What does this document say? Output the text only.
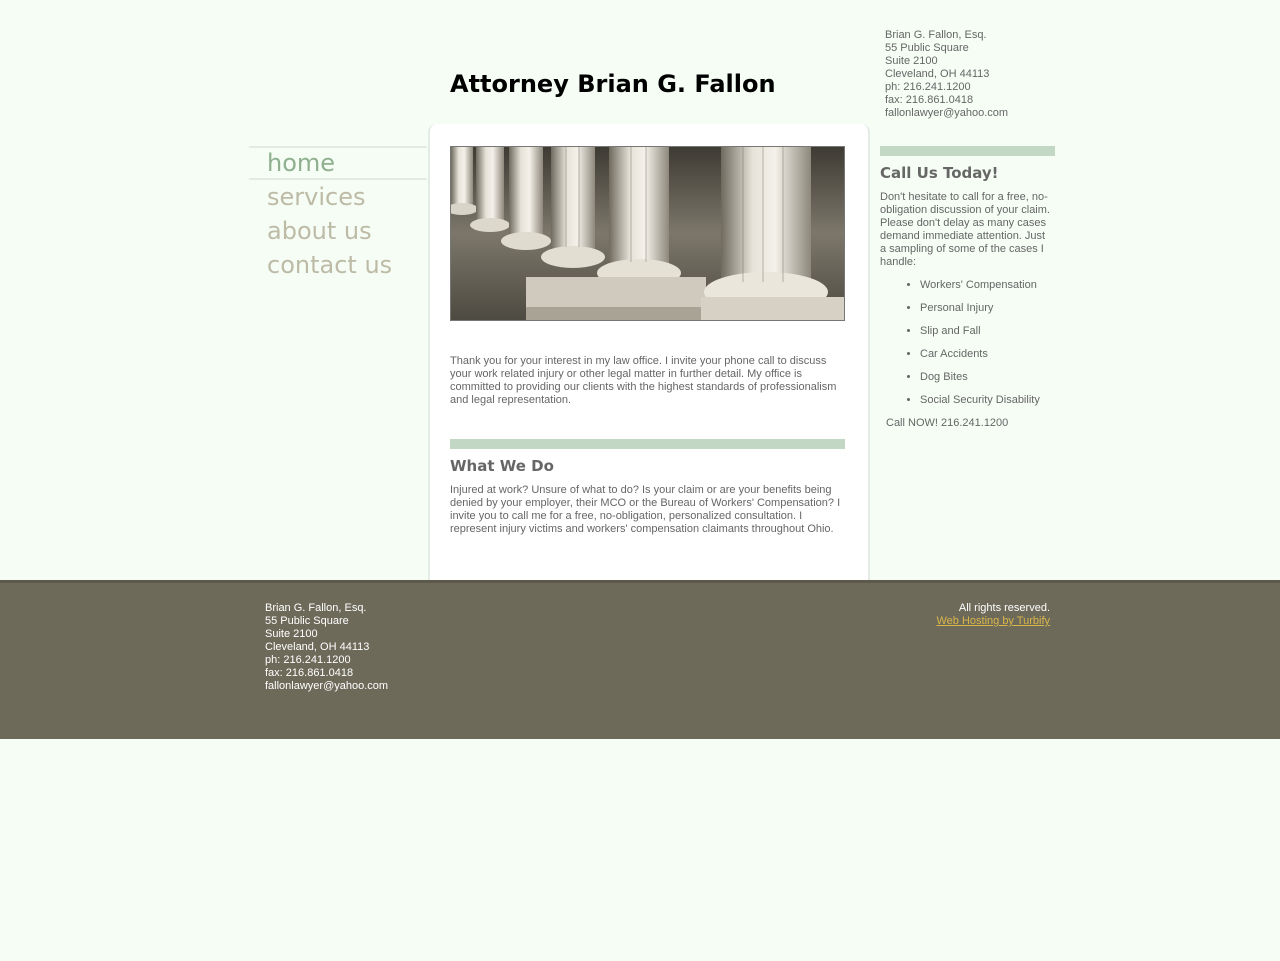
Attorney Brian G. Fallon
Brian G. Fallon, Esq.
55 Public Square
Suite 2100
Cleveland, OH 44113
ph: 216.241.1200
fax: 216.861.0418
fallonlawyer@yahoo.com
home
services
about us
contact us

Thank you for your interest in my law office. I invite your phone call to discuss your work related injury or other legal matter in further detail. My office is committed to providing our clients with the highest standards of professionalism and legal representation.

What We Do

Injured at work? Unsure of what to do? Is your claim or are your benefits being denied by your employer, their MCO or the Bureau of Workers' Compensation? I invite you to call me for a free, no-obligation, personalized consultation. I represent injury victims and workers' compensation claimants throughout Ohio.

Call Us Today!

Don't hesitate to call for a free, no-obligation discussion of your claim. Please don't delay as many cases demand immediate attention. Just a sampling of some of the cases I handle:

• Workers' Compensation
• Personal Injury
• Slip and Fall
• Car Accidents
• Dog Bites
• Social Security Disability
Call NOW! 216.241.1200
Brian G. Fallon, Esq.
55 Public Square
Suite 2100
Cleveland, OH 44113
ph: 216.241.1200
fax: 216.861.0418
fallonlawyer@yahoo.com
All rights reserved.
Web Hosting by Turbify
